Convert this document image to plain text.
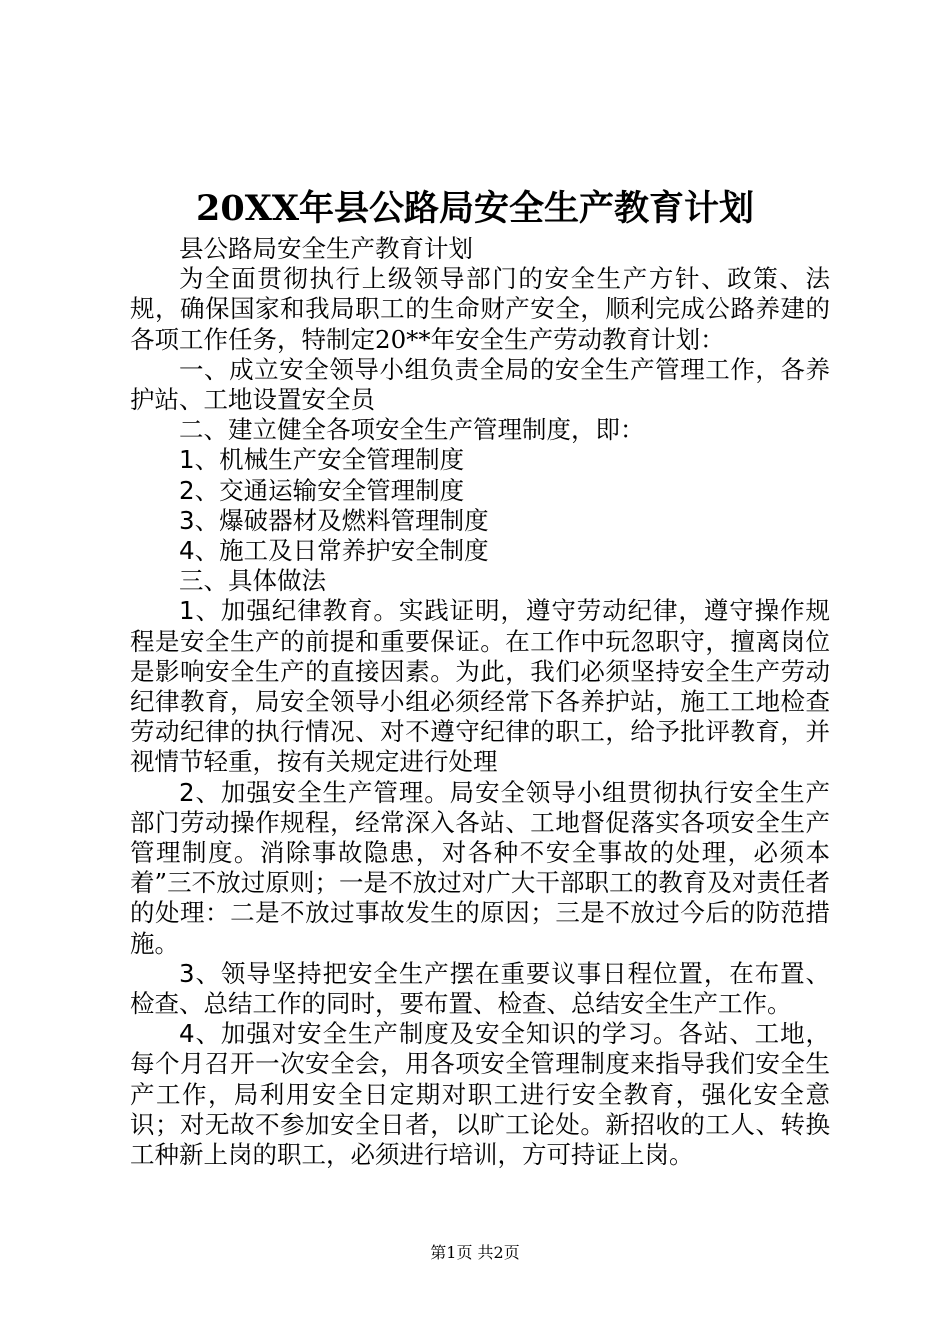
20XX年县公路局安全生产教育计划

县公路局安全生产教育计划

为全面贯彻执行上级领导部门的安全生产方针、政策、法规，确保国家和我局职工的生命财产安全，顺利完成公路养建的各项工作任务，特制定20**年安全生产劳动教育计划：

一、成立安全领导小组负责全局的安全生产管理工作，各养护站、工地设置安全员

二、建立健全各项安全生产管理制度，即：

1、机械生产安全管理制度

2、交通运输安全管理制度

3、爆破器材及燃料管理制度

4、施工及日常养护安全制度

三、具体做法

1、加强纪律教育。实践证明，遵守劳动纪律，遵守操作规程是安全生产的前提和重要保证。在工作中玩忽职守，擅离岗位是影响安全生产的直接因素。为此，我们必须坚持安全生产劳动纪律教育，局安全领导小组必须经常下各养护站，施工工地检查劳动纪律的执行情况、对不遵守纪律的职工，给予批评教育，并视情节轻重，按有关规定进行处理

2、加强安全生产管理。局安全领导小组贯彻执行安全生产部门劳动操作规程，经常深入各站、工地督促落实各项安全生产管理制度。消除事故隐患，对各种不安全事故的处理，必须本着”三不放过原则；一是不放过对广大干部职工的教育及对责任者的处理：二是不放过事故发生的原因；三是不放过今后的防范措施。

3、领导坚持把安全生产摆在重要议事日程位置，在布置、检查、总结工作的同时，要布置、检查、总结安全生产工作。

4、加强对安全生产制度及安全知识的学习。各站、工地，每个月召开一次安全会，用各项安全管理制度来指导我们安全生产工作，局利用安全日定期对职工进行安全教育，强化安全意识；对无故不参加安全日者，以旷工论处。新招收的工人、转换工种新上岗的职工，必须进行培训，方可持证上岗。

第1页 共2页
